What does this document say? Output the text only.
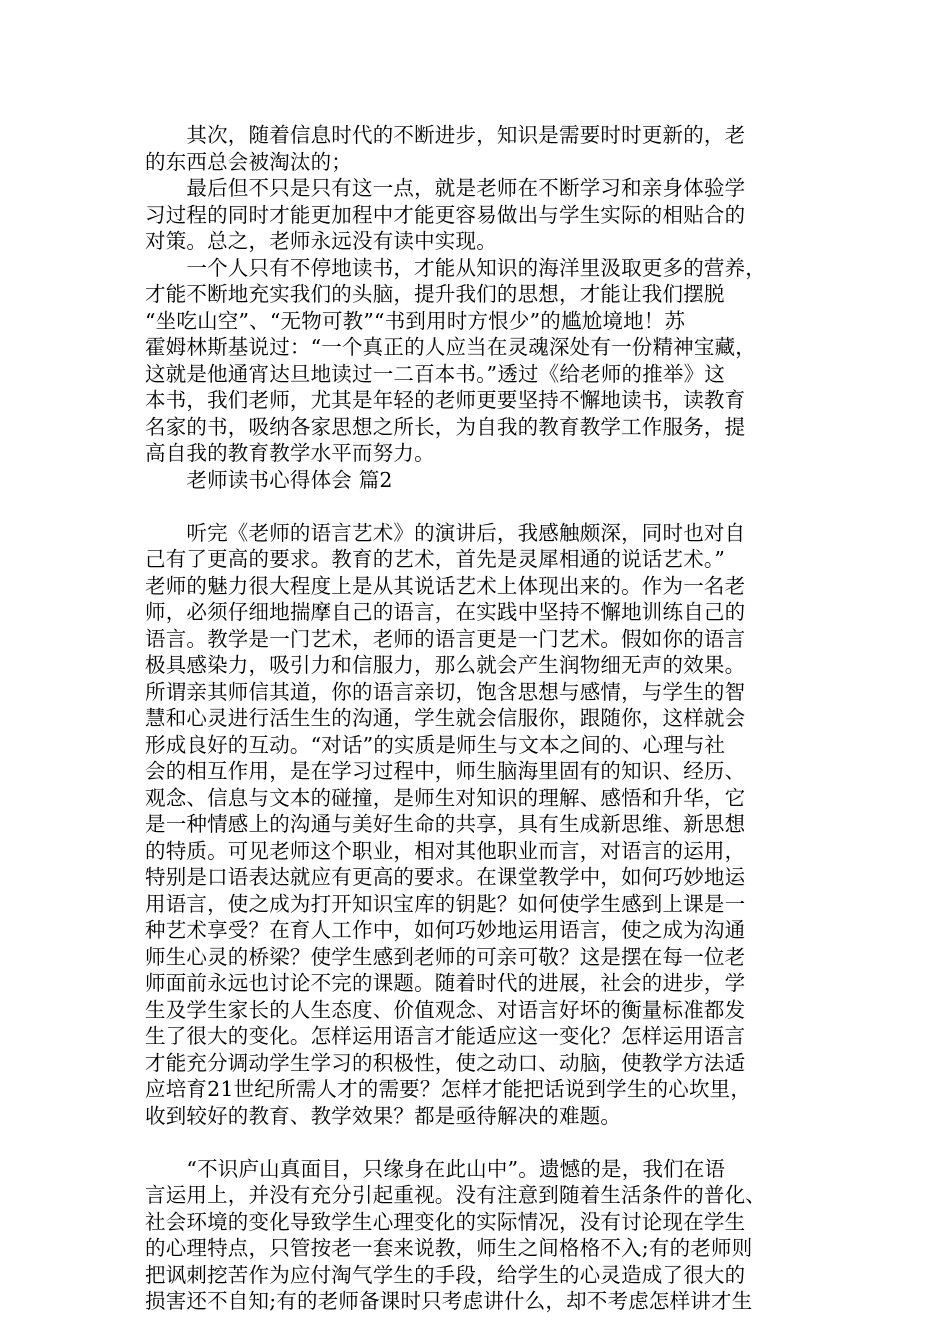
　　其次，随着信息时代的不断进步，知识是需要时时更新的，老
的东西总会被淘汰的；
　　最后但不只是只有这一点，就是老师在不断学习和亲身体验学
习过程的同时才能更加程中才能更容易做出与学生实际的相贴合的
对策。总之，老师永远没有读中实现。
　　一个人只有不停地读书，才能从知识的海洋里汲取更多的营养，
才能不断地充实我们的头脑，提升我们的思想，才能让我们摆脱
“坐吃山空”、“无物可教”“书到用时方恨少”的尴尬境地！苏
霍姆林斯基说过：“一个真正的人应当在灵魂深处有一份精神宝藏，
这就是他通宵达旦地读过一二百本书。”透过《给老师的推举》这
本书，我们老师，尤其是年轻的老师更要坚持不懈地读书，读教育
名家的书，吸纳各家思想之所长，为自我的教育教学工作服务，提
高自我的教育教学水平而努力。
　　老师读书心得体会 篇2
　　听完《老师的语言艺术》的演讲后，我感触颇深，同时也对自
己有了更高的要求。教育的艺术，首先是灵犀相通的说话艺术。”
老师的魅力很大程度上是从其说话艺术上体现出来的。作为一名老
师，必须仔细地揣摩自己的语言，在实践中坚持不懈地训练自己的
语言。教学是一门艺术，老师的语言更是一门艺术。假如你的语言
极具感染力，吸引力和信服力，那么就会产生润物细无声的效果。
所谓亲其师信其道，你的语言亲切，饱含思想与感情，与学生的智
慧和心灵进行活生生的沟通，学生就会信服你，跟随你，这样就会
形成良好的互动。“对话”的实质是师生与文本之间的、心理与社
会的相互作用，是在学习过程中，师生脑海里固有的知识、经历、
观念、信息与文本的碰撞，是师生对知识的理解、感悟和升华，它
是一种情感上的沟通与美好生命的共享，具有生成新思维、新思想
的特质。可见老师这个职业，相对其他职业而言，对语言的运用，
特别是口语表达就应有更高的要求。在课堂教学中，如何巧妙地运
用语言，使之成为打开知识宝库的钥匙？如何使学生感到上课是一
种艺术享受？在育人工作中，如何巧妙地运用语言，使之成为沟通
师生心灵的桥梁？使学生感到老师的可亲可敬？这是摆在每一位老
师面前永远也讨论不完的课题。随着时代的进展，社会的进步，学
生及学生家长的人生态度、价值观念、对语言好坏的衡量标准都发
生了很大的变化。怎样运用语言才能适应这一变化？怎样运用语言
才能充分调动学生学习的积极性，使之动口、动脑，使教学方法适
应培育21世纪所需人才的需要？怎样才能把话说到学生的心坎里，
收到较好的教育、教学效果？都是亟待解决的难题。
　　“不识庐山真面目，只缘身在此山中”。遗憾的是，我们在语
言运用上，并没有充分引起重视。没有注意到随着生活条件的普化、
社会环境的变化导致学生心理变化的实际情况，没有讨论现在学生
的心理特点，只管按老一套来说教，师生之间格格不入;有的老师则
把讽刺挖苦作为应付淘气学生的手段，给学生的心灵造成了很大的
损害还不自知;有的老师备课时只考虑讲什么，却不考虑怎样讲才生
